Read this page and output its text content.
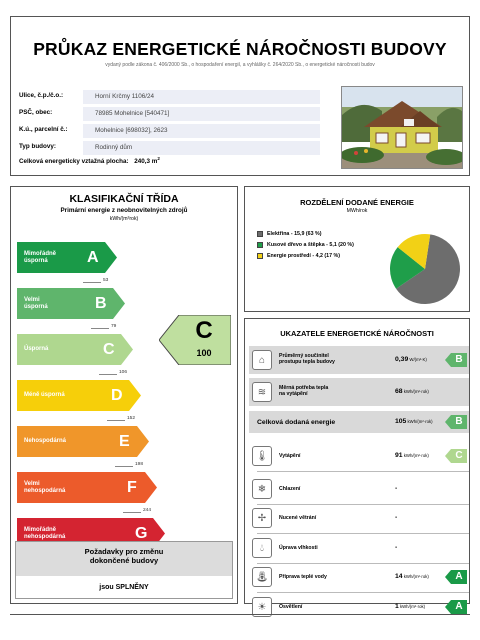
PRŮKAZ ENERGETICKÉ NÁROČNOSTI BUDOVY
vydaný podle zákona č. 406/2000 Sb., o hospodaření energií, a vyhlášky č. 264/2020 Sb., o energetické náročnosti budov
Ulice, č.p./č.o.:	Horní Krčmy 1106/24
PSČ, obec:	78985 Mohelnice [540471]
K.ú., parcelní č.:	Mohelnice [698032], 2623
Typ budovy:	Rodinný dům
Celková energeticky vztažná plocha: 240,3 $m^2$
KLASIFIKAČNÍ TŘÍDA
Primární energie z neobnovitelných zdrojů
kWh/(m²rok)
Mimořádně
úsporná	A
53
Velmi
úsporná	B
79
Úsporná	C
106
Méně úsporná	D
152
Nehospodárná	E
198
Velmi
nehospodárná	F
244
Mimořádně
nehospodárná	G
C
100
Požadavky pro změnu
dokončené budovy
jsou SPLNĚNY
ROZDĚLENÍ DODANÉ ENERGIE
MWh/rok
Elektřina - 15,9 (63 %)
Kusové dřevo a štěpka - 5,1 (20 %)
Energie prostředí - 4,2 (17 %)
UKAZATELE ENERGETICKÉ NÁROČNOSTI
⌂	Průměrný součinitel
prostupu tepla budovy	0,39 W/(m²·K)	B
≋	Měrná potřeba tepla
na vytápění	68 kWh/(m²·rok)
Celková dodaná energie	105 kWh/(m²·rok)	B
🌡︎	Vytápění	91 kWh/(m²·rok)	C
❄	Chlazení	-
✢	Nucené větrání	-
💧︎	Úprava vlhkosti	-
⛲︎	Příprava teplé vody	14 kWh/(m²·rok)	A
☀	Osvětlení	1 kWh/(m²·rok)	A
